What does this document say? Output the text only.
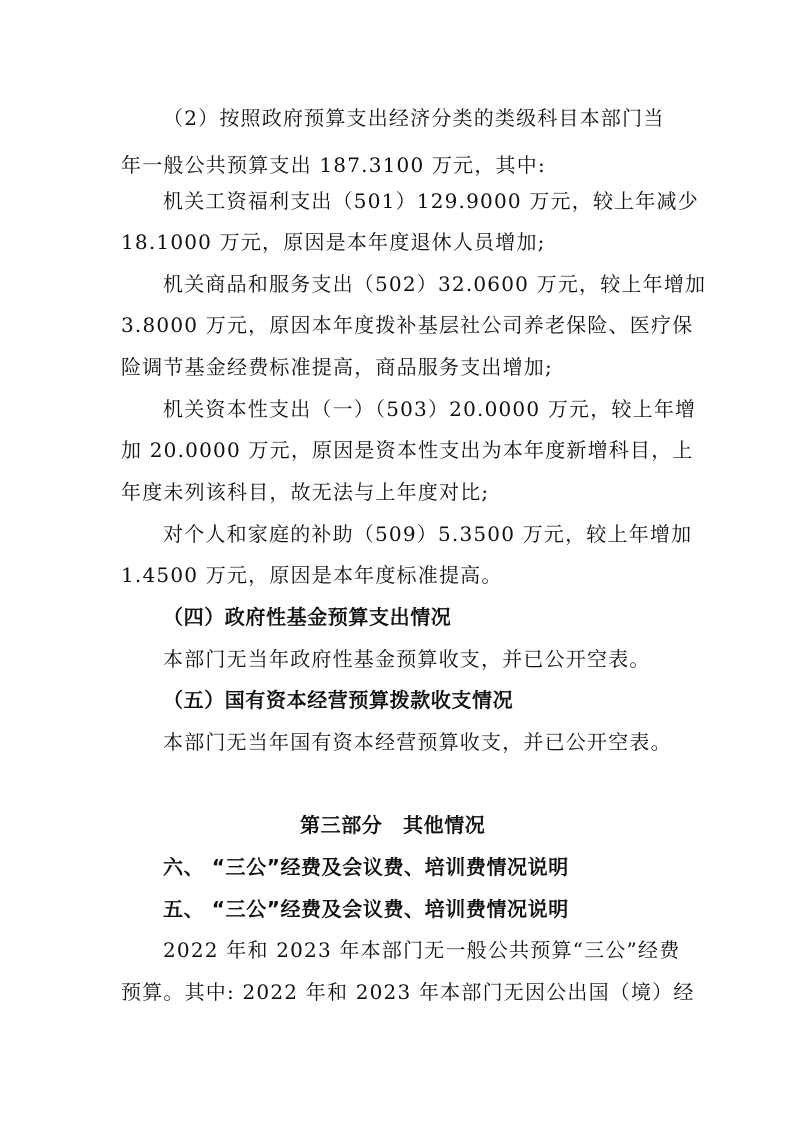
（2）按照政府预算支出经济分类的类级科目本部门当
年一般公共预算支出 187.3100 万元，其中:
机关工资福利支出（501）129.9000 万元，较上年减少
18.1000 万元，原因是本年度退休人员增加;
机关商品和服务支出（502）32.0600 万元，较上年增加
3.8000 万元，原因本年度拨补基层社公司养老保险、医疗保
险调节基金经费标准提高，商品服务支出增加;
机关资本性支出（一）（503）20.0000 万元，较上年增
加 20.0000 万元，原因是资本性支出为本年度新增科目，上
年度未列该科目，故无法与上年度对比;
对个人和家庭的补助（509）5.3500 万元，较上年增加
1.4500 万元，原因是本年度标准提高。
（四）政府性基金预算支出情况
本部门无当年政府性基金预算收支，并已公开空表。
（五）国有资本经营预算拨款收支情况
本部门无当年国有资本经营预算收支，并已公开空表。
第三部分　其他情况
六、 “三公”经费及会议费、培训费情况说明
五、 “三公”经费及会议费、培训费情况说明
2022 年和 2023 年本部门无一般公共预算“三公”经费
预算。其中: 2022 年和 2023 年本部门无因公出国（境）经
